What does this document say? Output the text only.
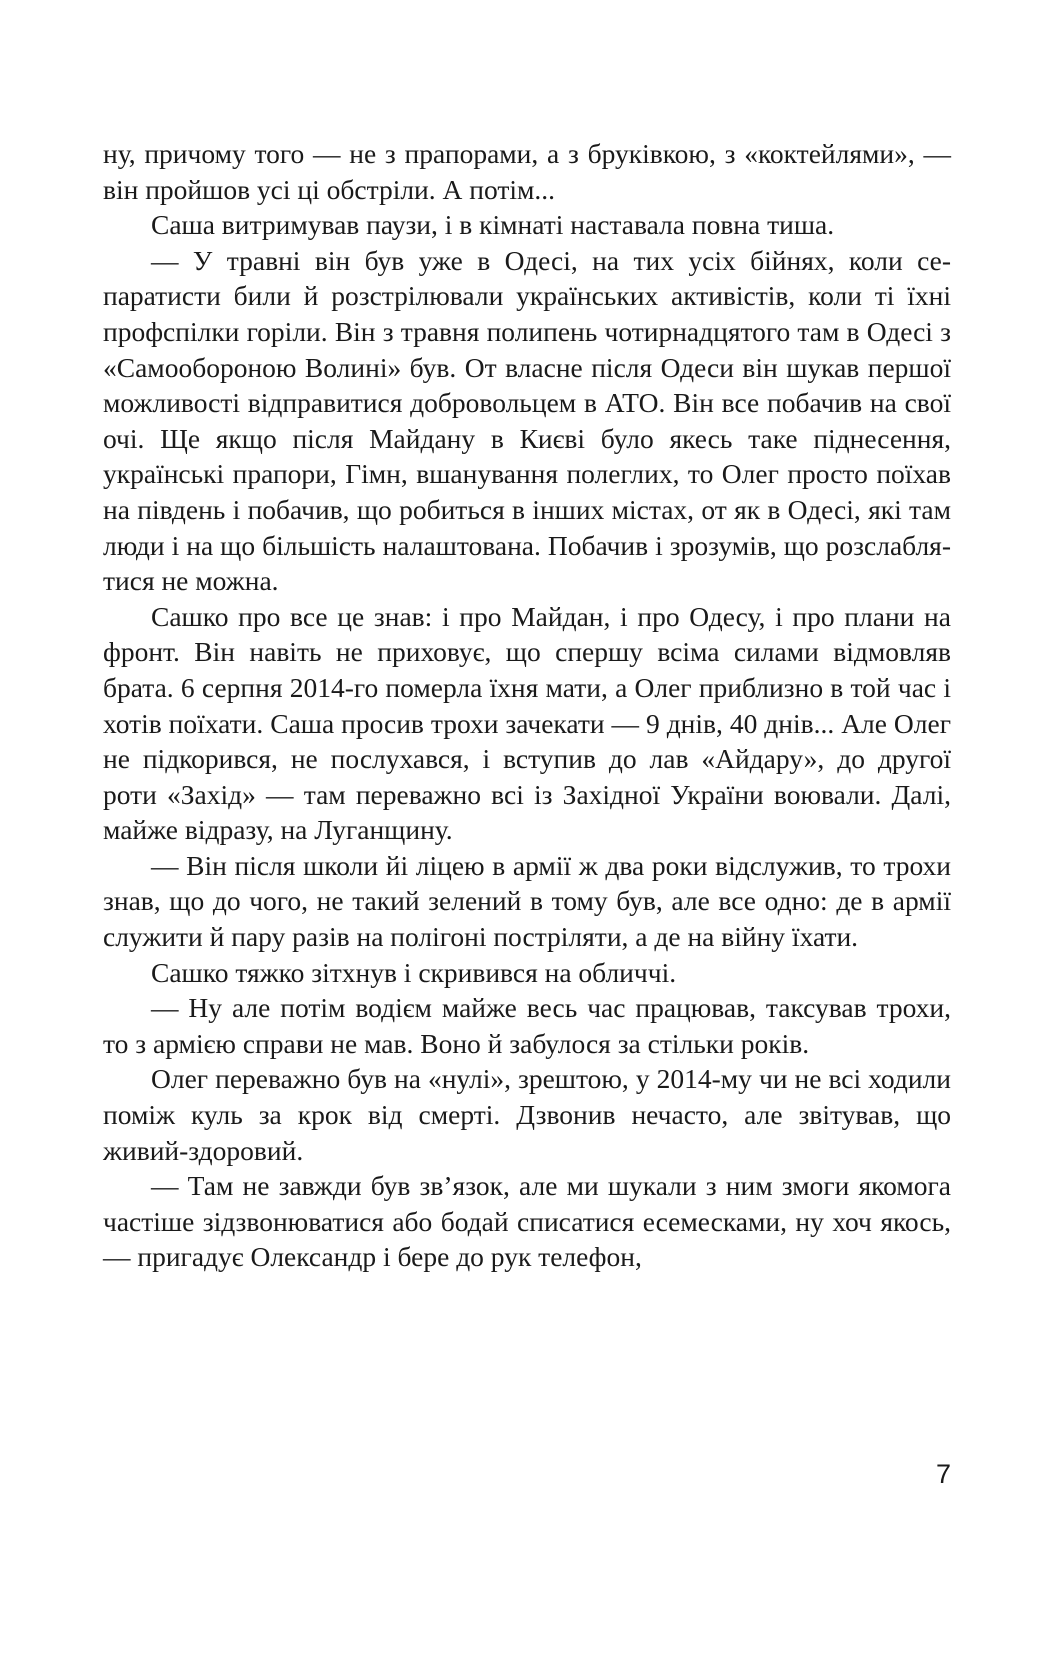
ну, причому того — не з прапорами, а з бруківкою, з «коктейлями», — він пройшов усі ці обстріли. А потім...

Саша витримував паузи, і в кімнаті наставала повна тиша.

— У травні він був уже в Одесі, на тих усіх бійнях, коли сепаратисти били й розстрілювали українських активістів, коли ті їхні профспілки горіли. Він з травня полипень чотирнадцятого там в Одесі з «Самообороною Волині» був. От власне після Одеси він шукав першої можливості відправитися добровольцем в АТО. Він все побачив на свої очі. Ще якщо після Майдану в Києві було якесь таке піднесення, українські прапори, Гімн, вшанування полеглих, то Олег просто поїхав на південь і побачив, що робиться в інших містах, от як в Одесі, які там люди і на що більшість налаштована. Побачив і зрозумів, що розслаблятися не можна.

Сашко про все це знав: і про Майдан, і про Одесу, і про плани на фронт. Він навіть не приховує, що спершу всіма силами відмовляв брата. 6 серпня 2014-го померла їхня мати, а Олег приблизно в той час і хотів поїхати. Саша просив трохи зачекати — 9 днів, 40 днів... Але Олег не підкорився, не послухався, і вступив до лав «Айдару», до другої роти «Захід» — там переважно всі із Західної України воювали. Далі, майже відразу, на Луганщину.

— Він після школи йі ліцею в армії ж два роки відслужив, то трохи знав, що до чого, не такий зелений в тому був, але все одно: де в армії служити й пару разів на полігоні постріляти, а де на війну їхати.

Сашко тяжко зітхнув і скривився на обличчі.

— Ну але потім водієм майже весь час працював, таксував трохи, то з армією справи не мав. Воно й забулося за стільки років.

Олег переважно був на «нулі», зрештою, у 2014-му чи не всі ходили поміж куль за крок від смерті. Дзвонив нечасто, але звітував, що живий-здоровий.

— Там не завжди був зв’язок, але ми шукали з ним змоги якомога частіше зідзвонюватися або бодай списатися есемесками, ну хоч якось, — пригадує Олександр і бере до рук телефон,

7
